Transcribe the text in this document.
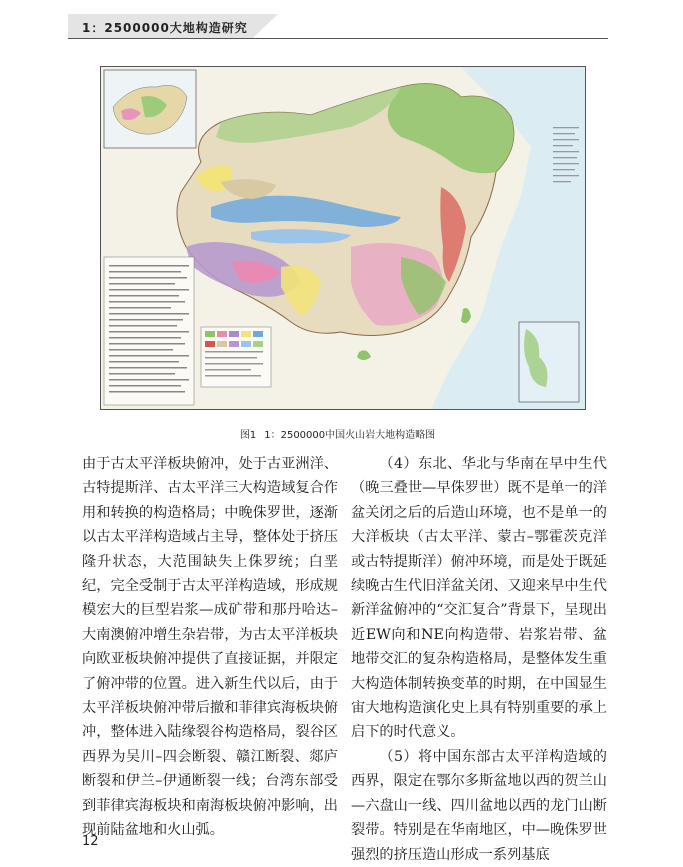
1：2500000大地构造研究
图1 1：2500000中国火山岩大地构造略图

由于古太平洋板块俯冲，处于古亚洲洋、古特提斯洋、古太平洋三大构造域复合作用和转换的构造格局；中晚侏罗世，逐渐以古太平洋构造域占主导，整体处于挤压隆升状态，大范围缺失上侏罗统；白垩纪，完全受制于古太平洋构造域，形成规模宏大的巨型岩浆—成矿带和那丹哈达–大南澳俯冲增生杂岩带，为古太平洋板块向欧亚板块俯冲提供了直接证据，并限定了俯冲带的位置。进入新生代以后，由于太平洋板块俯冲带后撤和菲律宾海板块俯冲，整体进入陆缘裂谷构造格局，裂谷区西界为吴川–四会断裂、赣江断裂、郯庐断裂和伊兰–伊通断裂一线；台湾东部受到菲律宾海板块和南海板块俯冲影响，出现前陆盆地和火山弧。

（4）东北、华北与华南在早中生代（晚三叠世—早侏罗世）既不是单一的洋盆关闭之后的后造山环境，也不是单一的大洋板块（古太平洋、蒙古–鄂霍茨克洋或古特提斯洋）俯冲环境，而是处于既延续晚古生代旧洋盆关闭、又迎来早中生代新洋盆俯冲的“交汇复合”背景下，呈现出近EW向和NE向构造带、岩浆岩带、盆地带交汇的复杂构造格局，是整体发生重大构造体制转换变革的时期，在中国显生宙大地构造演化史上具有特别重要的承上启下的时代意义。

（5）将中国东部古太平洋构造域的西界，限定在鄂尔多斯盆地以西的贺兰山—六盘山一线、四川盆地以西的龙门山断裂带。特别是在华南地区，中—晚侏罗世强烈的挤压造山形成一系列基底

12
